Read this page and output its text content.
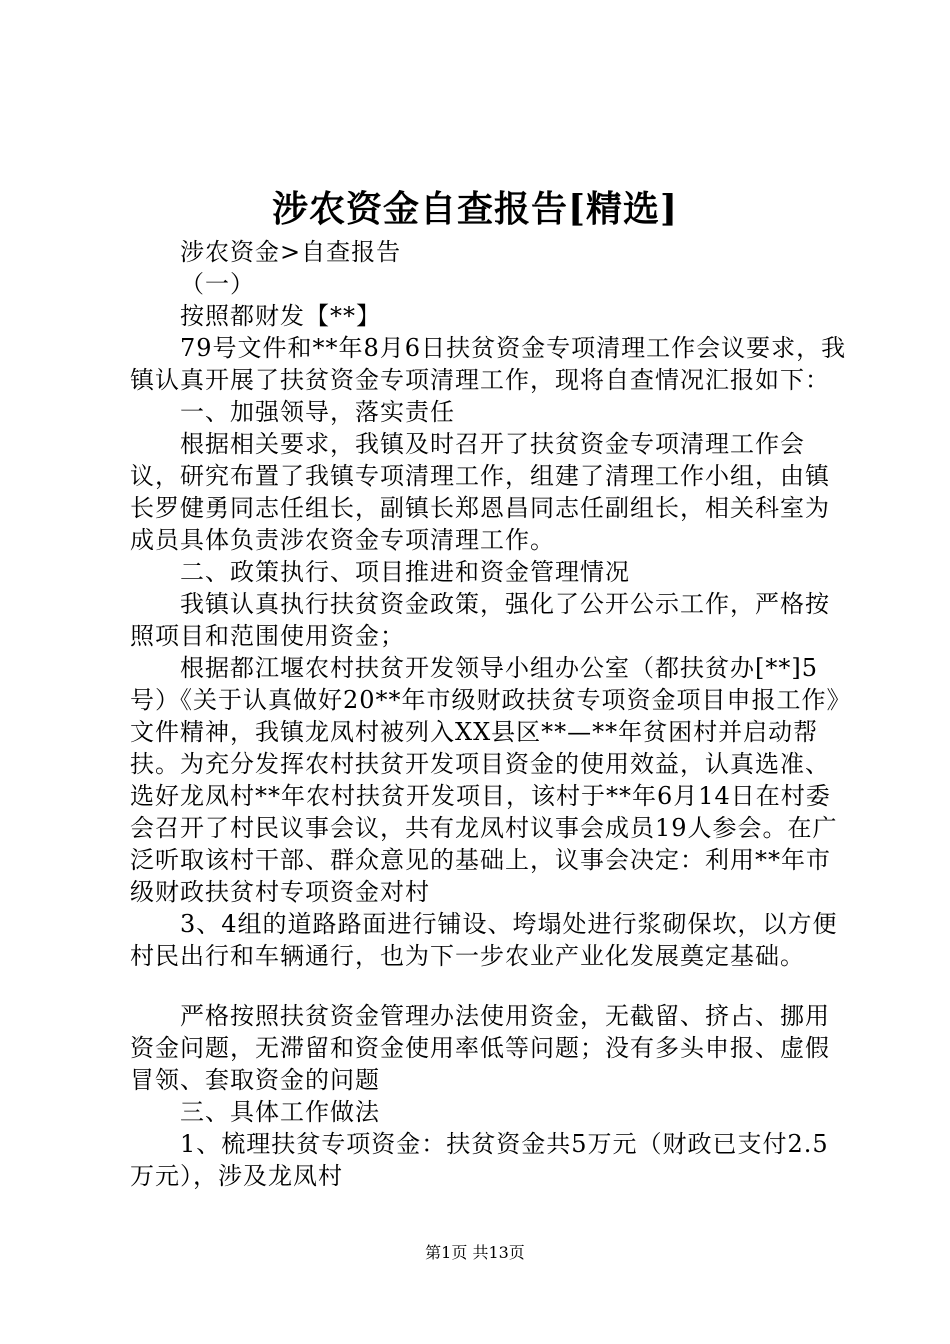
涉农资金自查报告[精选]

涉农资金>自查报告

（一）

按照都财发【**】

79号文件和**年8月6日扶贫资金专项清理工作会议要求，我镇认真开展了扶贫资金专项清理工作，现将自查情况汇报如下：

一、加强领导，落实责任

根据相关要求，我镇及时召开了扶贫资金专项清理工作会议，研究布置了我镇专项清理工作，组建了清理工作小组，由镇长罗健勇同志任组长，副镇长郑恩昌同志任副组长，相关科室为成员具体负责涉农资金专项清理工作。

二、政策执行、项目推进和资金管理情况

我镇认真执行扶贫资金政策，强化了公开公示工作，严格按照项目和范围使用资金；

根据都江堰农村扶贫开发领导小组办公室（都扶贫办[**]5号）《关于认真做好20**年市级财政扶贫专项资金项目申报工作》文件精神，我镇龙凤村被列入XX县区**—**年贫困村并启动帮扶。为充分发挥农村扶贫开发项目资金的使用效益，认真选准、选好龙凤村**年农村扶贫开发项目，该村于**年6月14日在村委会召开了村民议事会议，共有龙凤村议事会成员19人参会。在广泛听取该村干部、群众意见的基础上，议事会决定：利用**年市级财政扶贫村专项资金对村

3、4组的道路路面进行铺设、垮塌处进行浆砌保坎，以方便村民出行和车辆通行，也为下一步农业产业化发展奠定基础。

严格按照扶贫资金管理办法使用资金，无截留、挤占、挪用资金问题，无滞留和资金使用率低等问题；没有多头申报、虚假冒领、套取资金的问题

三、具体工作做法

1、梳理扶贫专项资金：扶贫资金共5万元（财政已支付2.5万元），涉及龙凤村

第1页 共13页
